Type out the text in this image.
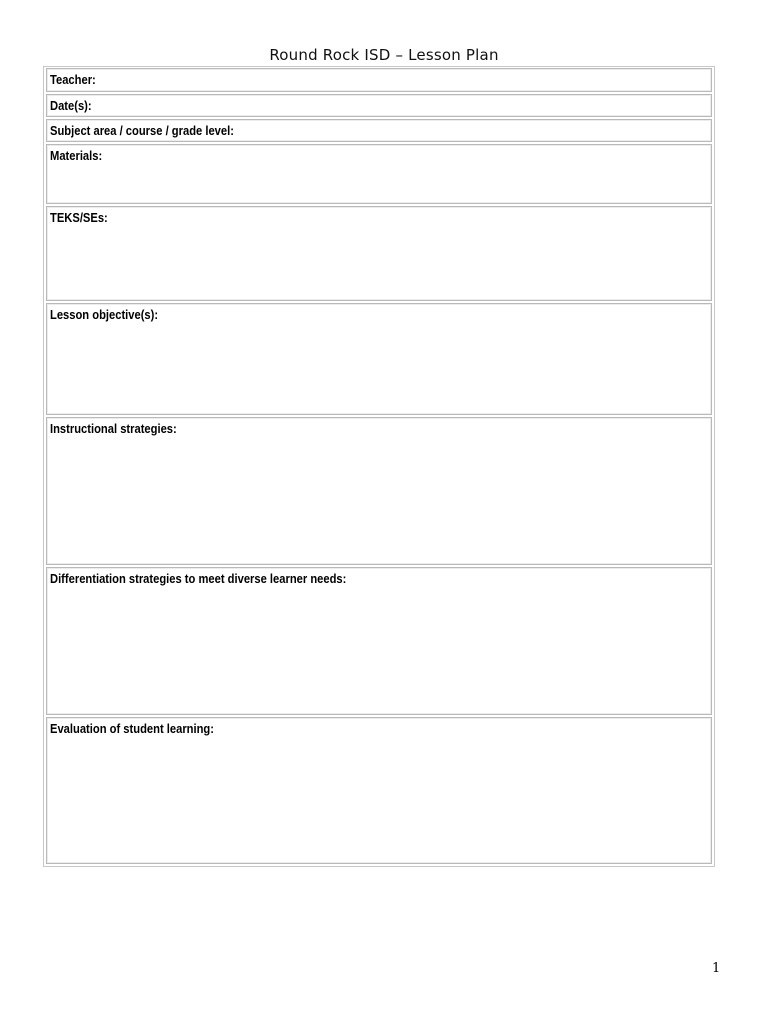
Round Rock ISD – Lesson Plan
Teacher:
Date(s):
Subject area / course / grade level:
Materials:
TEKS/SEs:
Lesson objective(s):
Instructional strategies:
Differentiation strategies to meet diverse learner needs:
Evaluation of student learning:
1
